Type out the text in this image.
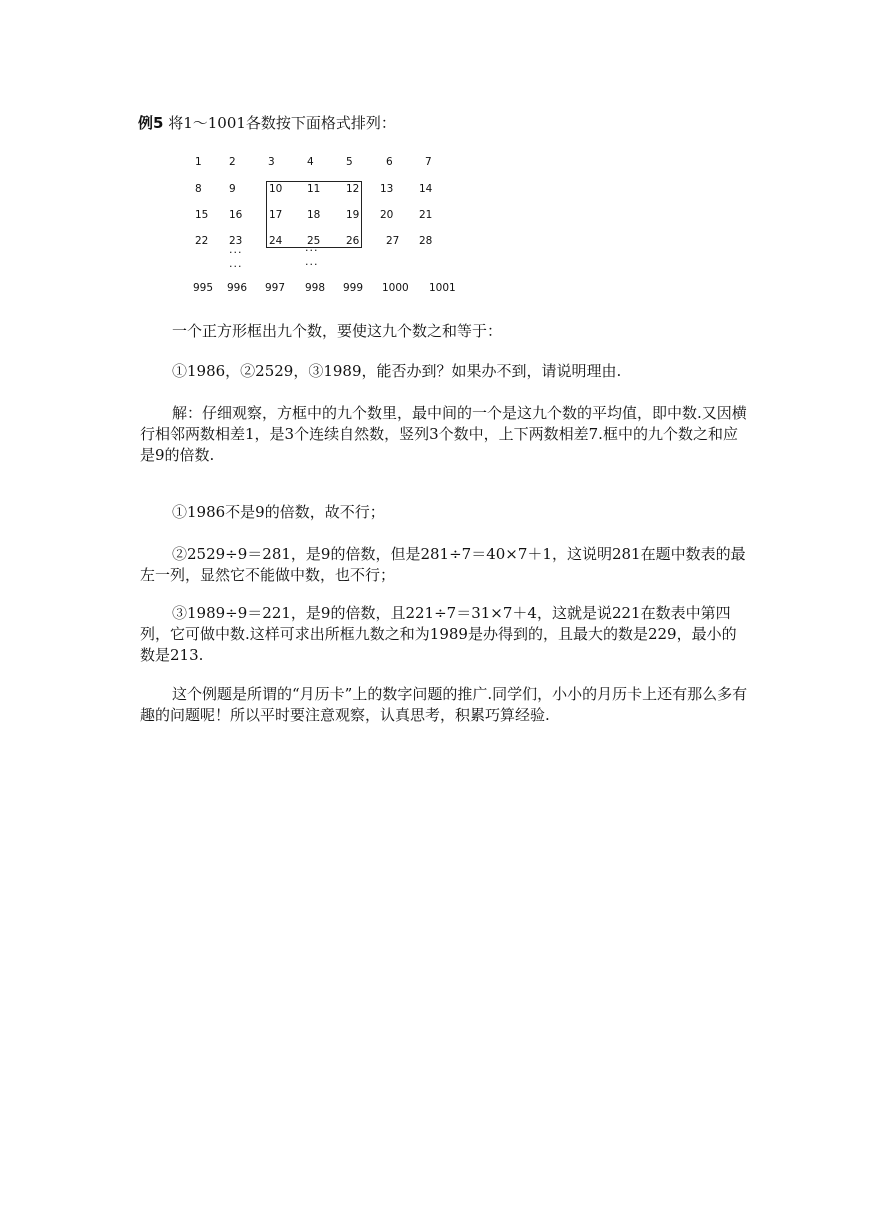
例5 将1～1001各数按下面格式排列：
1	2	3	4	5	6	7
8	9	10 11 12 13 14
15 16	17 18 19 20 21
22 23	24 25 26	27 28
···	···
···	···
995 996 997 998 999 1000 1001
一个正方形框出九个数，要使这九个数之和等于：
①1986，②2529，③1989，能否办到？如果办不到，请说明理由.
解：仔细观察，方框中的九个数里，最中间的一个是这九个数的平均值，即中数.又因横行相邻两数相差1，是3个连续自然数，竖列3个数中，上下两数相差7.框中的九个数之和应是9的倍数.
①1986不是9的倍数，故不行；
②2529÷9＝281，是9的倍数，但是281÷7＝40×7＋1，这说明281在题中数表的最左一列，显然它不能做中数，也不行；
③1989÷9＝221，是9的倍数，且221÷7＝31×7＋4，这就是说221在数表中第四列，它可做中数.这样可求出所框九数之和为1989是办得到的，且最大的数是229，最小的数是213.
这个例题是所谓的“月历卡”上的数字问题的推广.同学们，小小的月历卡上还有那么多有趣的问题呢！所以平时要注意观察，认真思考，积累巧算经验.
